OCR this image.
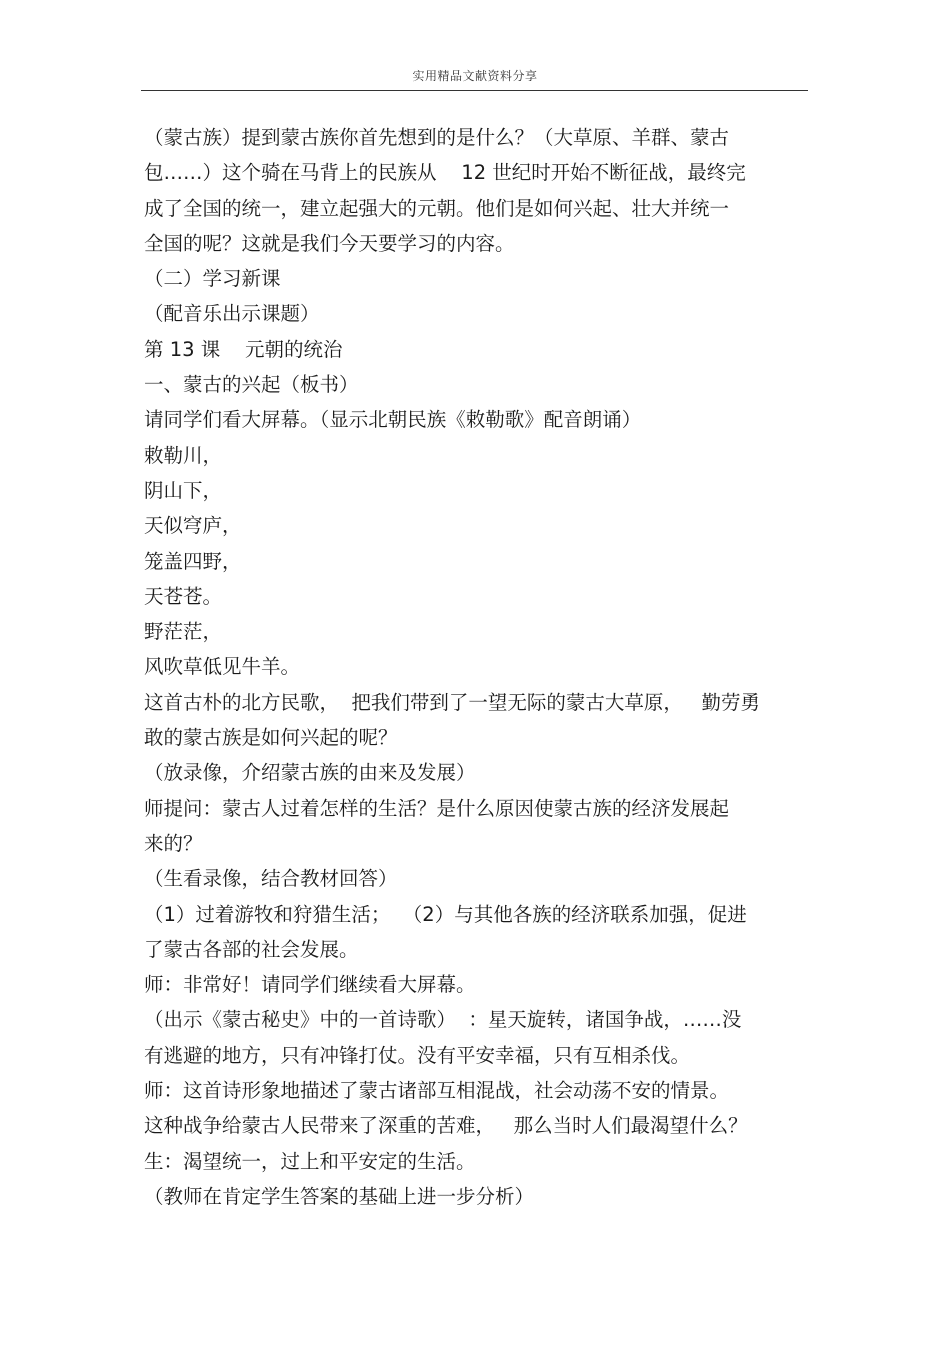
实用精品文献资料分享
（蒙古族）提到蒙古族你首先想到的是什么？（大草原、羊群、蒙古
包……）这个骑在马背上的民族从    12 世纪时开始不断征战，最终完
成了全国的统一，建立起强大的元朝。他们是如何兴起、壮大并统一
全国的呢？这就是我们今天要学习的内容。
（二）学习新课
（配音乐出示课题）
第 13 课    元朝的统治
一、蒙古的兴起（板书）
请同学们看大屏幕。（显示北朝民族《敕勒歌》配音朗诵）
敕勒川，
阴山下，
天似穹庐，
笼盖四野，
天苍苍。
野茫茫，
风吹草低见牛羊。
这首古朴的北方民歌，  把我们带到了一望无际的蒙古大草原，   勤劳勇
敢的蒙古族是如何兴起的呢？
（放录像，介绍蒙古族的由来及发展）
师提问：蒙古人过着怎样的生活？是什么原因使蒙古族的经济发展起
来的？
（生看录像，结合教材回答）
（1）过着游牧和狩猎生活；  （2）与其他各族的经济联系加强，促进
了蒙古各部的社会发展。
师：非常好！请同学们继续看大屏幕。
（出示《蒙古秘史》中的一首诗歌）  ：星天旋转，诸国争战，……没
有逃避的地方，只有冲锋打仗。没有平安幸福，只有互相杀伐。
师：这首诗形象地描述了蒙古诸部互相混战，社会动荡不安的情景。
这种战争给蒙古人民带来了深重的苦难，   那么当时人们最渴望什么？
生：渴望统一，过上和平安定的生活。
（教师在肯定学生答案的基础上进一步分析）
